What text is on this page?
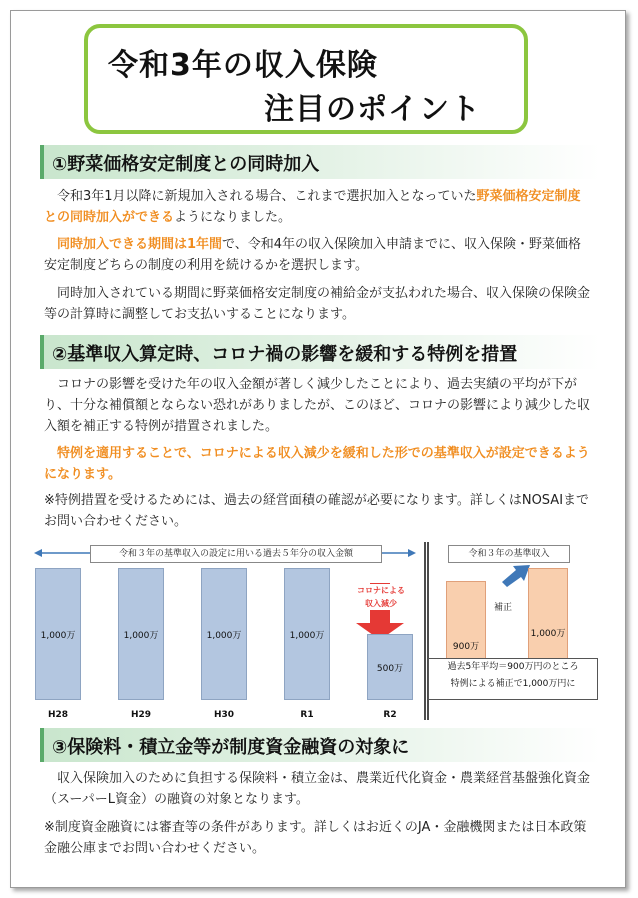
令和3年の収入保険
注目のポイント
①野菜価格安定制度との同時加入
令和3年1月以降に新規加入される場合、これまで選択加入となっていた野菜価格安定制度との同時加入ができるようになりました。
同時加入できる期間は1年間で、令和4年の収入保険加入申請までに、収入保険・野菜価格安定制度どちらの制度の利用を続けるかを選択します。
同時加入されている期間に野菜価格安定制度の補給金が支払われた場合、収入保険の保険金等の計算時に調整してお支払いすることになります。
②基準収入算定時、コロナ禍の影響を緩和する特例を措置
コロナの影響を受けた年の収入金額が著しく減少したことにより、過去実績の平均が下がり、十分な補償額とならない恐れがありましたが、このほど、コロナの影響により減少した収入額を補正する特例が措置されました。
特例を適用することで、コロナによる収入減少を緩和した形での基準収入が設定できるようになります。
※特例措置を受けるためには、過去の経営面積の確認が必要になります。詳しくはNOSAIまでお問い合わせください。
令和３年の基準収入の設定に用いる過去５年分の収入金額	令和３年の基準収入
1,000万
H28
1,000万
H29
1,000万
H30
1,000万
R1
500万
R2
コロナによる
収入減少
900万
1,000万
補正
過去5年平均＝900万円のところ
特例による補正で1,000万円に
③保険料・積立金等が制度資金融資の対象に
収入保険加入のために負担する保険料・積立金は、農業近代化資金・農業経営基盤強化資金（スーパーL資金）の融資の対象となります。
※制度資金融資には審査等の条件があります。詳しくはお近くのJA・金融機関または日本政策金融公庫までお問い合わせください。
